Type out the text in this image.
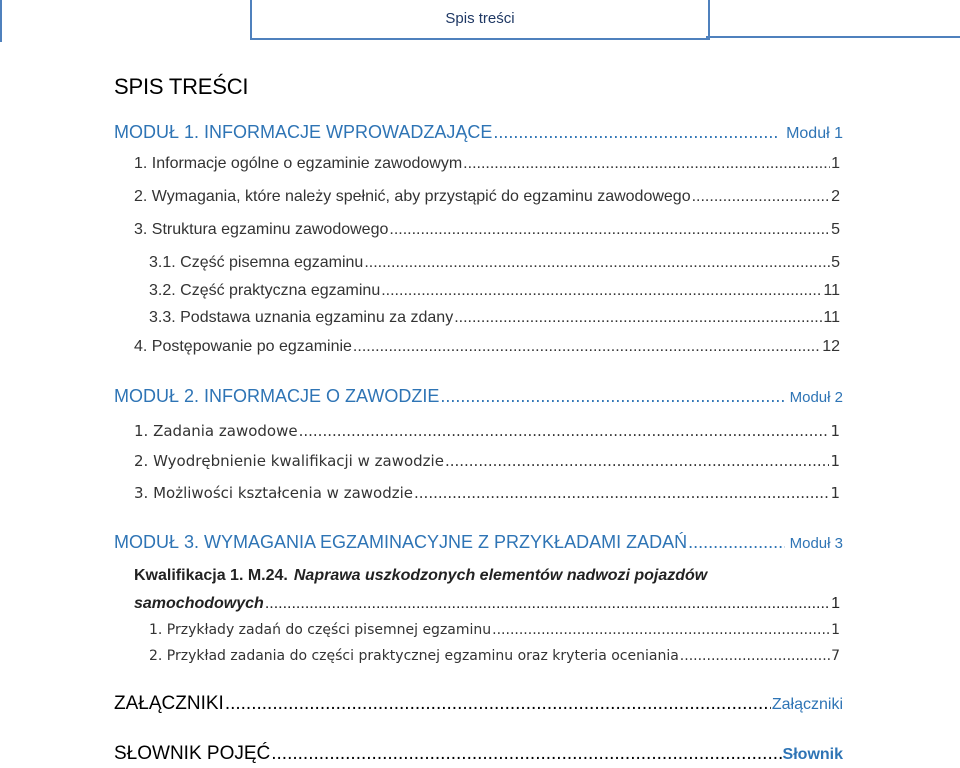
Spis treści
SPIS TREŚCI
MODUŁ 1. INFORMACJE WPROWADZAJĄCE .....	Moduł 1
1. Informacje ogólne o egzaminie zawodowym .....	1
2. Wymagania, które należy spełnić, aby przystąpić do egzaminu zawodowego .....	2
3. Struktura egzaminu zawodowego .....	5
3.1. Część pisemna egzaminu .....	5
3.2. Część praktyczna egzaminu .....	11
3.3. Podstawa uznania egzaminu za zdany .....	11
4. Postępowanie po egzaminie .....	12
MODUŁ 2. INFORMACJE O ZAWODZIE .....	Moduł 2
1. Zadania zawodowe .....	1
2. Wyodrębnienie kwalifikacji w zawodzie .....	1
3. Możliwości kształcenia w zawodzie .....	1
MODUŁ 3. WYMAGANIA EGZAMINACYJNE Z PRZYKŁADAMI ZADAŃ .....	Moduł 3
Kwalifikacja 1. M.24. Naprawa uszkodzonych elementów nadwozi pojazdów
samochodowych .....	1
1. Przykłady zadań do części pisemnej egzaminu .....	1
2. Przykład zadania do części praktycznej egzaminu oraz kryteria oceniania .....	7
ZAŁĄCZNIKI .....	Załączniki
SŁOWNIK POJĘĆ .....	Słownik
